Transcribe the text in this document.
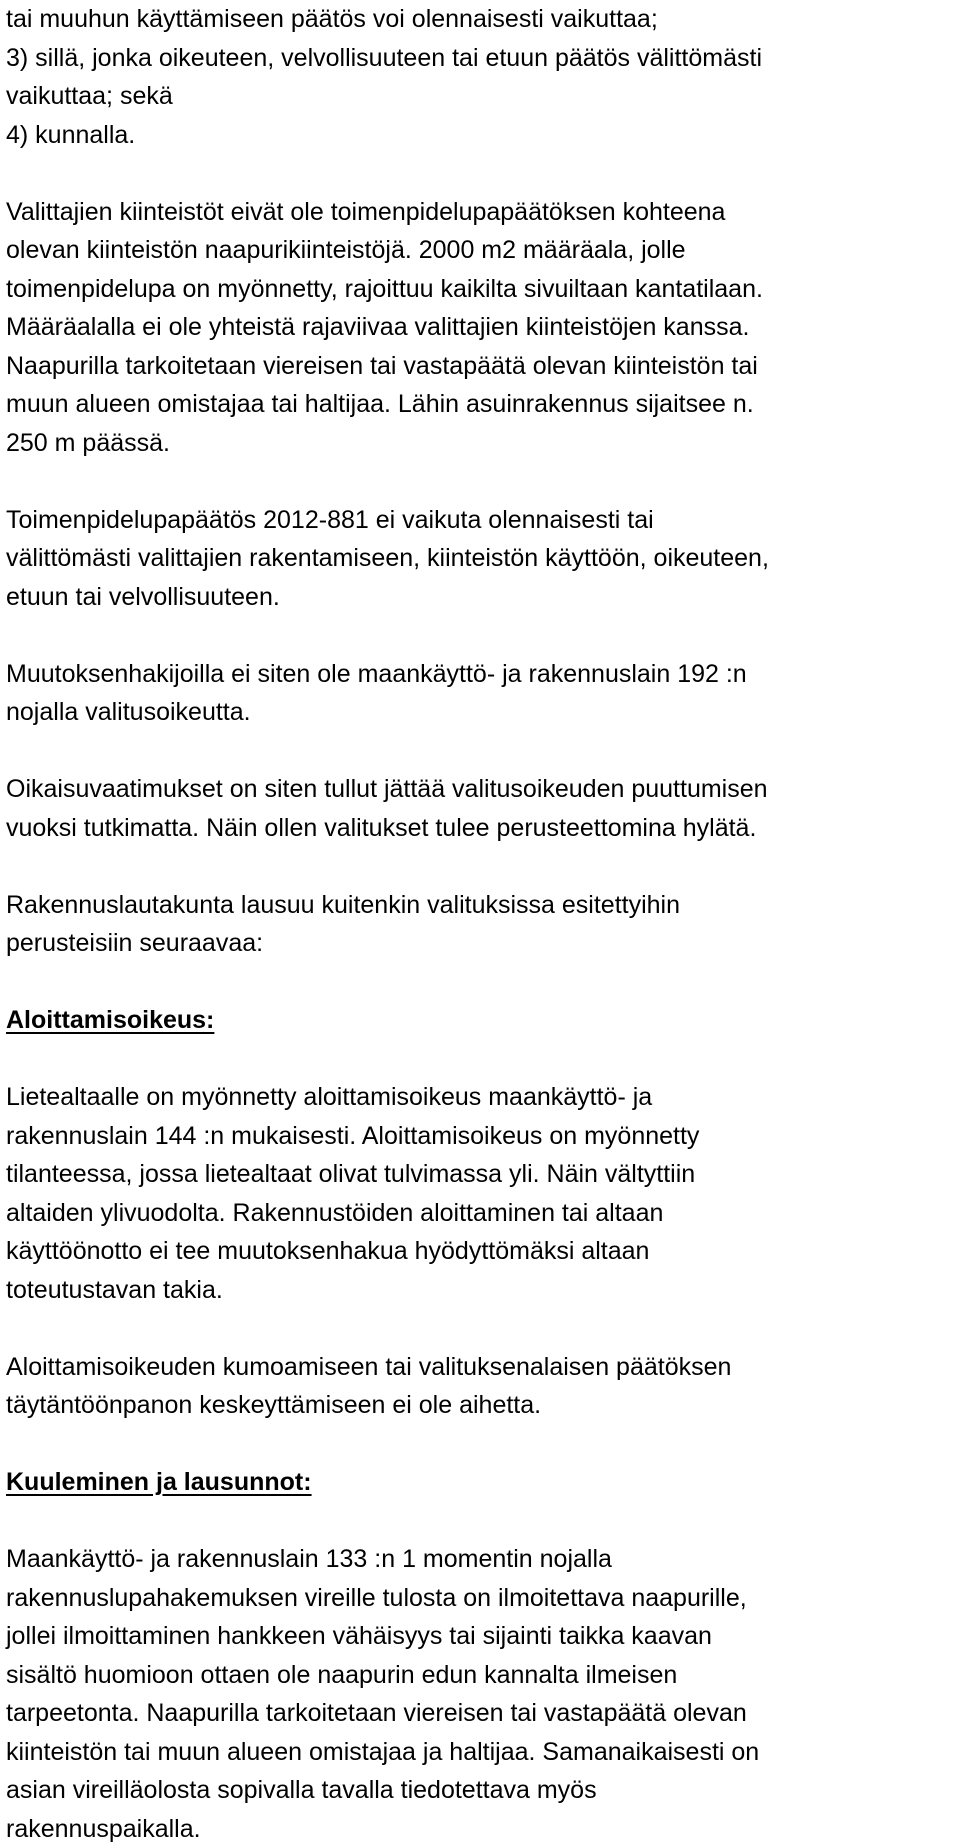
tai muuhun käyttämiseen päätös voi olennaisesti vaikuttaa;
3) sillä, jonka oikeuteen, velvollisuuteen tai etuun päätös välittömästi
vaikuttaa; sekä
4) kunnalla.
Valittajien kiinteistöt eivät ole toimenpidelupapäätöksen kohteena
olevan kiinteistön naapurikiinteistöjä. 2000 m2 määräala, jolle
toimenpidelupa on myönnetty, rajoittuu kaikilta sivuiltaan kantatilaan.
Määräalalla ei ole yhteistä rajaviivaa valittajien kiinteistöjen kanssa.
Naapurilla tarkoitetaan viereisen tai vastapäätä olevan kiinteistön tai
muun alueen omistajaa tai haltijaa. Lähin asuinrakennus sijaitsee n.
250 m päässä.
Toimenpidelupapäätös 2012-881 ei vaikuta olennaisesti tai
välittömästi valittajien rakentamiseen, kiinteistön käyttöön, oikeuteen,
etuun tai velvollisuuteen.
Muutoksenhakijoilla ei siten ole maankäyttö- ja rakennuslain 192 :n
nojalla valitusoikeutta.
Oikaisuvaatimukset on siten tullut jättää valitusoikeuden puuttumisen
vuoksi tutkimatta. Näin ollen valitukset tulee perusteettomina hylätä.
Rakennuslautakunta lausuu kuitenkin valituksissa esitettyihin
perusteisiin seuraavaa:
Aloittamisoikeus:
Lietealtaalle on myönnetty aloittamisoikeus maankäyttö- ja
rakennuslain 144 :n mukaisesti. Aloittamisoikeus on myönnetty
tilanteessa, jossa lietealtaat olivat tulvimassa yli. Näin vältyttiin
altaiden ylivuodolta. Rakennustöiden aloittaminen tai altaan
käyttöönotto ei tee muutoksenhakua hyödyttömäksi altaan
toteutustavan takia.
Aloittamisoikeuden kumoamiseen tai valituksenalaisen päätöksen
täytäntöönpanon keskeyttämiseen ei ole aihetta.
Kuuleminen ja lausunnot:
Maankäyttö- ja rakennuslain 133 :n 1 momentin nojalla
rakennuslupahakemuksen vireille tulosta on ilmoitettava naapurille,
jollei ilmoittaminen hankkeen vähäisyys tai sijainti taikka kaavan
sisältö huomioon ottaen ole naapurin edun kannalta ilmeisen
tarpeetonta. Naapurilla tarkoitetaan viereisen tai vastapäätä olevan
kiinteistön tai muun alueen omistajaa ja haltijaa. Samanaikaisesti on
asian vireilläolosta sopivalla tavalla tiedotettava myös
rakennuspaikalla.
